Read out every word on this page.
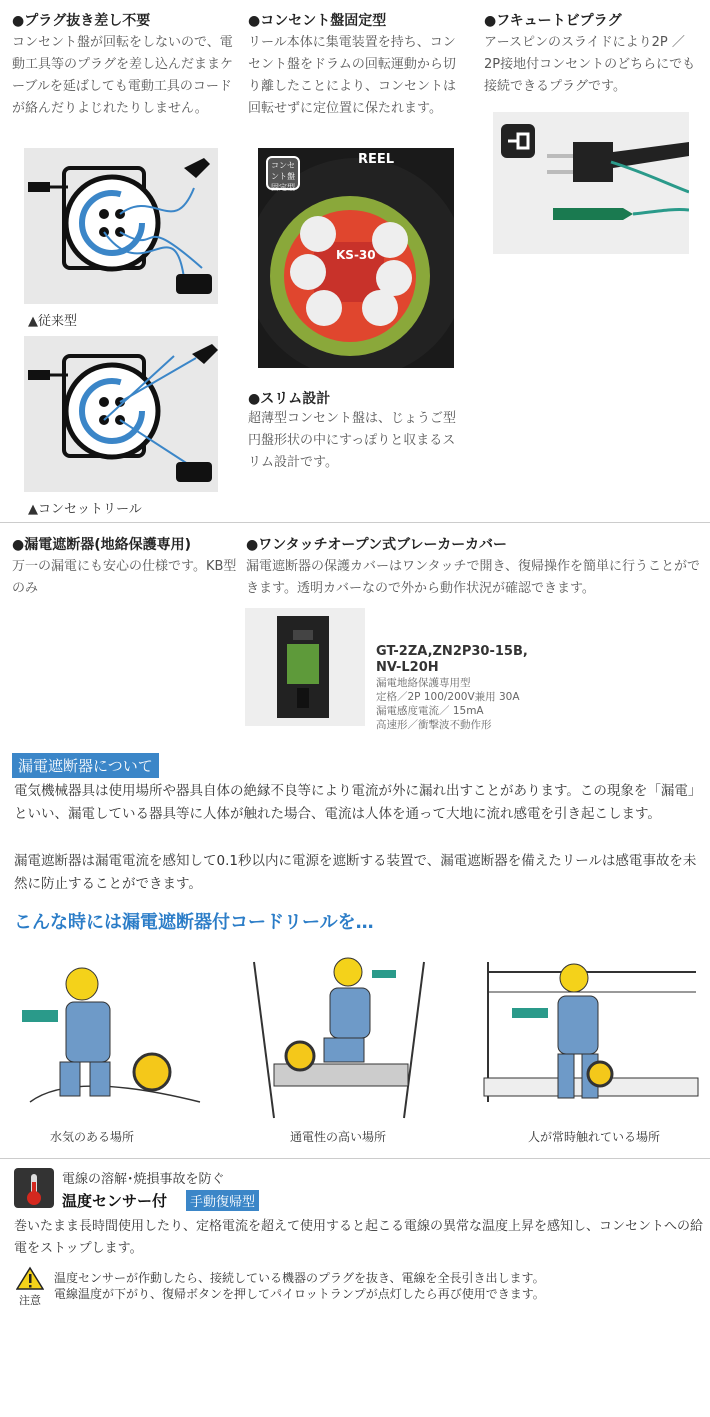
●プラグ抜き差し不要
コンセント盤が回転をしないので、電動工具等のプラグを差し込んだままケーブルを延ばしても電動工具のコードが絡んだりよじれたりしません。
●コンセント盤固定型
リール本体に集電装置を持ち、コンセント盤をドラムの回転運動から切り離したことにより、コンセントは回転せずに定位置に保たれます。
●フキュートビプラグ
アースピンのスライドにより2P ／ 2P接地付コンセントのどちらにでも接続できるプラグです。
▲従来型
▲コンセットリール
コンセント盤固定型
REEL
KS-30
●スリム設計
超薄型コンセント盤は、じょうご型円盤形状の中にすっぽりと収まるスリム設計です。
●漏電遮断器(地絡保護専用)
万一の漏電にも安心の仕様です。KB型のみ
●ワンタッチオープン式ブレーカーカバー
漏電遮断器の保護カバーはワンタッチで開き、復帰操作を簡単に行うことができます。透明カバーなので外から動作状況が確認できます。
GT-2ZA,ZN2P30-15B,
NV-L20H
漏電地絡保護専用型
定格／2P 100/200V兼用 30A
漏電感度電流／ 15mA
高速形／衝撃波不動作形
漏電遮断器について
電気機械器具は使用場所や器具自体の絶縁不良等により電流が外に漏れ出すことがあります。この現象を「漏電」といい、漏電している器具等に人体が触れた場合、電流は人体を通って大地に流れ感電を引き起こします。
漏電遮断器は漏電電流を感知して0.1秒以内に電源を遮断する装置で、漏電遮断器を備えたリールは感電事故を未然に防止することができます。
こんな時には漏電遮断器付コードリールを…
水気のある場所	通電性の高い場所	人が常時触れている場所
電線の溶解･焼損事故を防ぐ
温度センサー付	手動復帰型
巻いたまま長時間使用したり、定格電流を超えて使用すると起こる電線の異常な温度上昇を感知し、コンセントへの給電をストップします。
注意
温度センサーが作動したら、接続している機器のプラグを抜き、電線を全長引き出します。
電線温度が下がり、復帰ボタンを押してパイロットランプが点灯したら再び使用できます。
